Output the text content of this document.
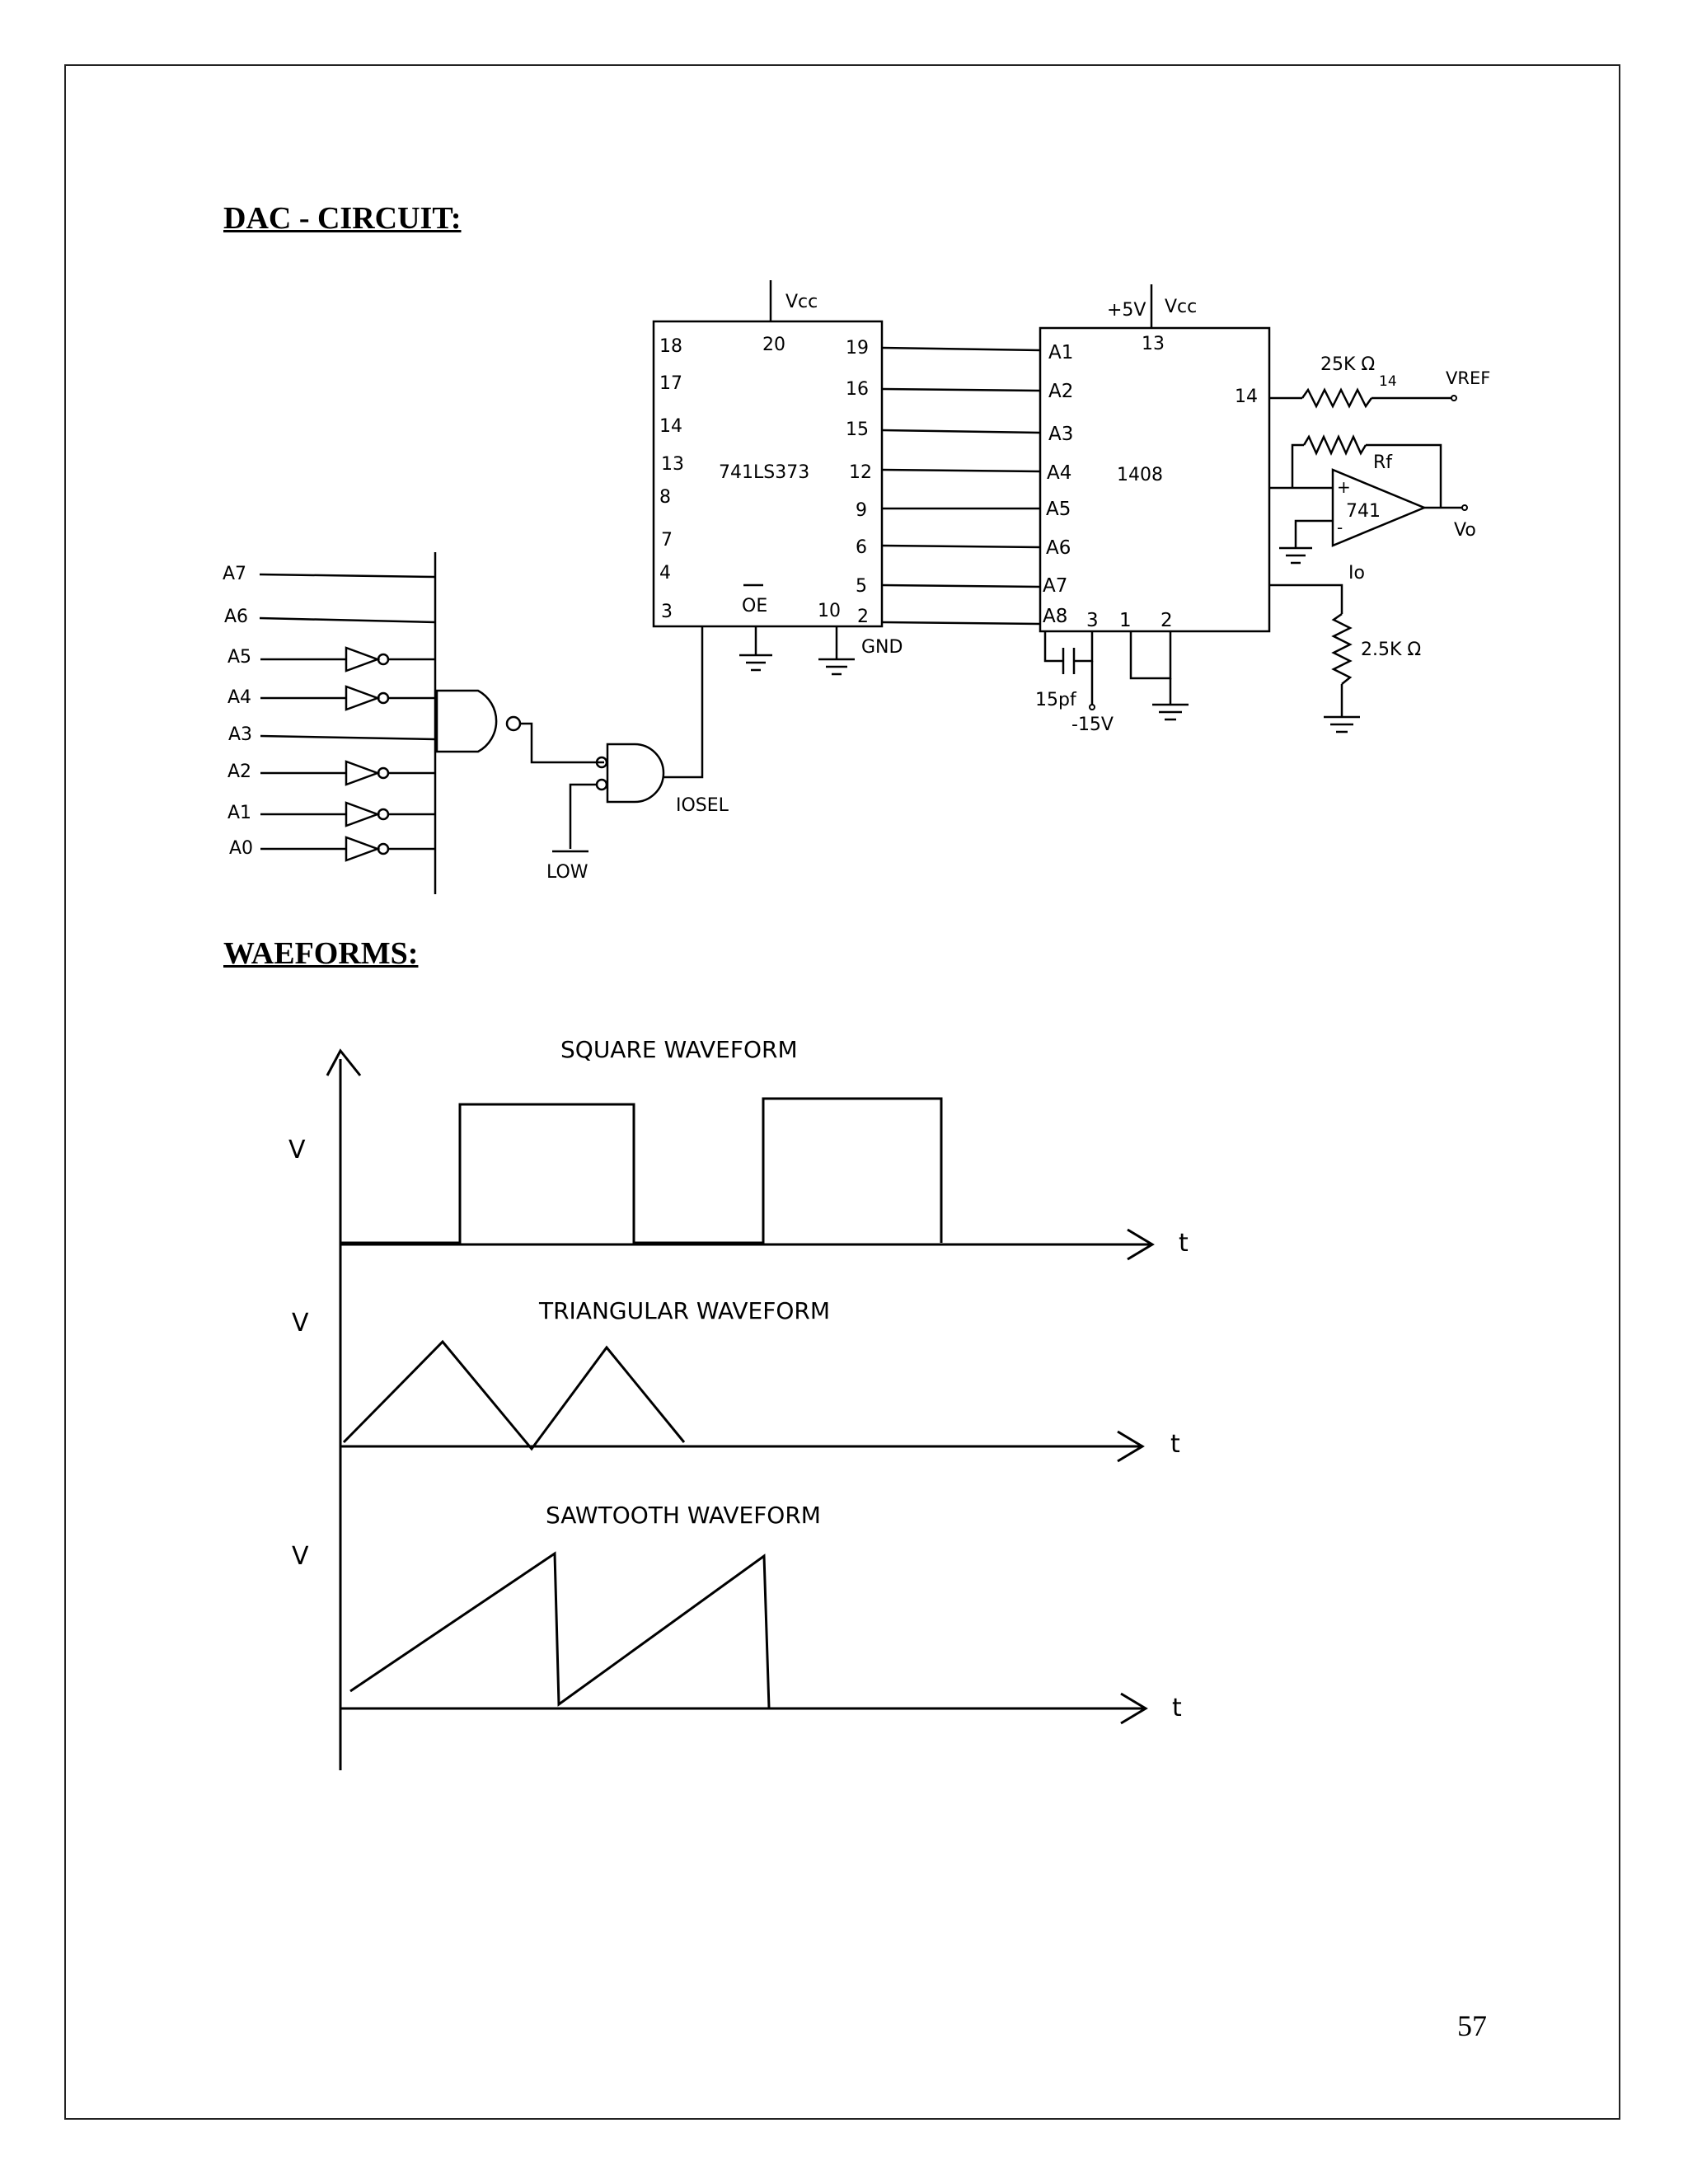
DAC - CIRCUIT:
WAEFORMS:
57
Vcc
20
741LS373
18
17
14
13
8
7
4
3
19
16
15
12
9
6
5
2
OE	10
GND
+5V Vcc
13
1408
14
A1
A2
A3
A4
A5
A6
A7
A8 3 1 2
15pf
-15V
25K Ω
14	VREF
Rf
+
-
741
Vo
Io
2.5K Ω
A7
A6
A5
A4
A3
A2
A1
A0
LOW
IOSEL
SQUARE WAVEFORM
V
t
TRIANGULAR WAVEFORM
V
t
SAWTOOTH WAVEFORM
V
t
